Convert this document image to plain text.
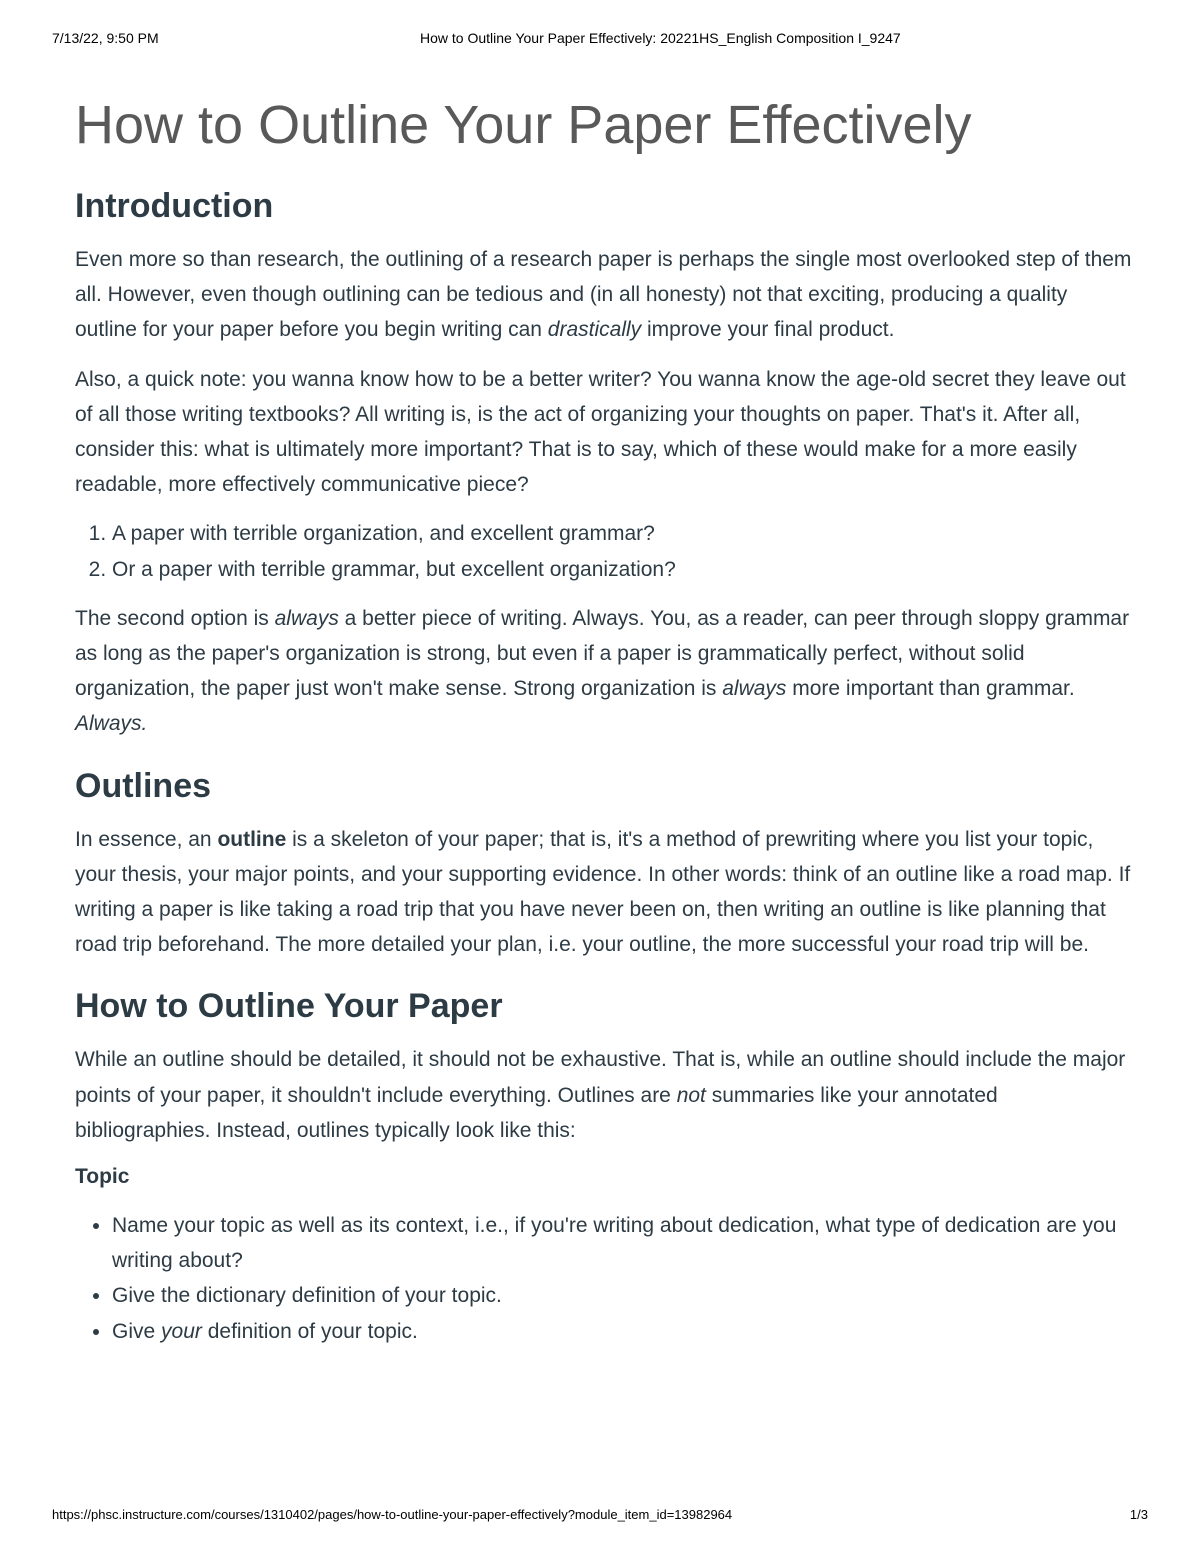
7/13/22, 9:50 PM	How to Outline Your Paper Effectively: 20221HS_English Composition I_9247
How to Outline Your Paper Effectively
Introduction

Even more so than research, the outlining of a research paper is perhaps the single most overlooked step of them all. However, even though outlining can be tedious and (in all honesty) not that exciting, producing a quality outline for your paper before you begin writing can drastically improve your final product.

Also, a quick note: you wanna know how to be a better writer? You wanna know the age-old secret they leave out of all those writing textbooks? All writing is, is the act of organizing your thoughts on paper. That's it. After all, consider this: what is ultimately more important? That is to say, which of these would make for a more easily readable, more effectively communicative piece?

1. A paper with terrible organization, and excellent grammar?
2. Or a paper with terrible grammar, but excellent organization?

The second option is always a better piece of writing. Always. You, as a reader, can peer through sloppy grammar as long as the paper's organization is strong, but even if a paper is grammatically perfect, without solid organization, the paper just won't make sense. Strong organization is always more important than grammar. Always.

Outlines

In essence, an outline is a skeleton of your paper; that is, it's a method of prewriting where you list your topic, your thesis, your major points, and your supporting evidence. In other words: think of an outline like a road map. If writing a paper is like taking a road trip that you have never been on, then writing an outline is like planning that road trip beforehand. The more detailed your plan, i.e. your outline, the more successful your road trip will be.

How to Outline Your Paper

While an outline should be detailed, it should not be exhaustive. That is, while an outline should include the major points of your paper, it shouldn't include everything. Outlines are not summaries like your annotated bibliographies. Instead, outlines typically look like this:

Topic
• Name your topic as well as its context, i.e., if you're writing about dedication, what type of dedication are you writing about?
• Give the dictionary definition of your topic.
• Give your definition of your topic.
https://phsc.instructure.com/courses/1310402/pages/how-to-outline-your-paper-effectively?module_item_id=13982964	1/3
